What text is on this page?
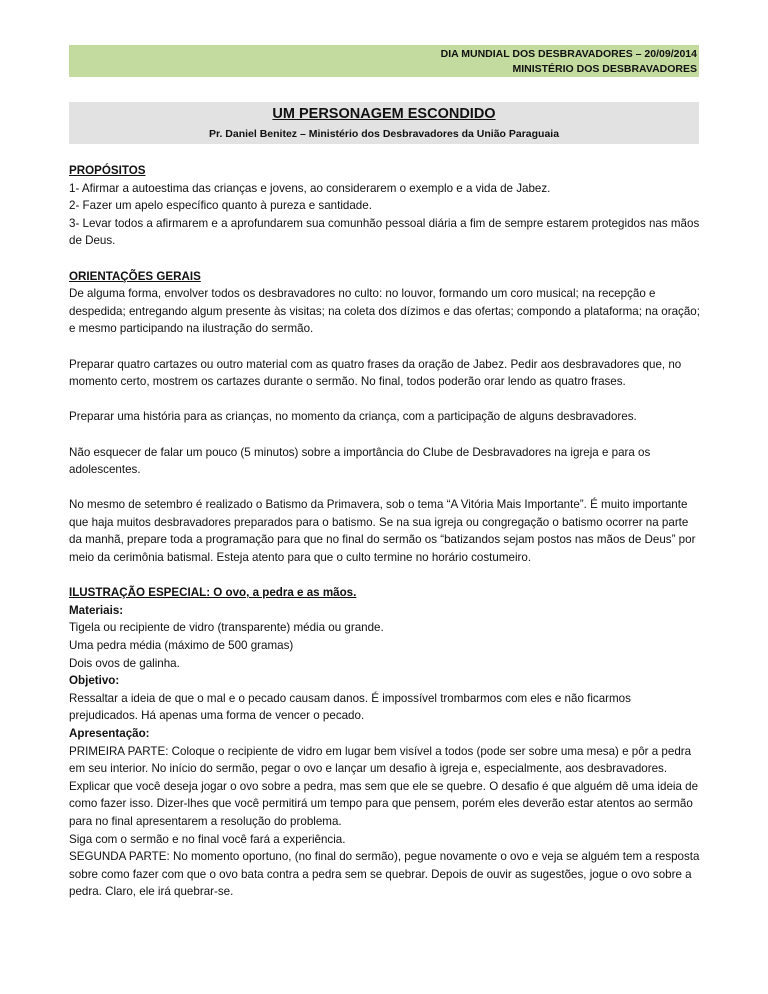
DIA MUNDIAL DOS DESBRAVADORES – 20/09/2014
MINISTÉRIO DOS DESBRAVADORES
UM PERSONAGEM ESCONDIDO
Pr. Daniel Benitez – Ministério dos Desbravadores da União Paraguaia

PROPÓSITOS

1- Afirmar a autoestima das crianças e jovens, ao considerarem o exemplo e a vida de Jabez.

2- Fazer um apelo específico quanto à pureza e santidade.

3- Levar todos a afirmarem e a aprofundarem sua comunhão pessoal diária a fim de sempre estarem protegidos nas mãos de Deus.

ORIENTAÇÕES GERAIS

De alguma forma, envolver todos os desbravadores no culto: no louvor, formando um coro musical; na recepção e despedida; entregando algum presente às visitas; na coleta dos dízimos e das ofertas; compondo a plataforma; na oração; e mesmo participando na ilustração do sermão.

Preparar quatro cartazes ou outro material com as quatro frases da oração de Jabez. Pedir aos desbravadores que, no momento certo, mostrem os cartazes durante o sermão. No final, todos poderão orar lendo as quatro frases.

Preparar uma história para as crianças, no momento da criança, com a participação de alguns desbravadores.

Não esquecer de falar um pouco (5 minutos) sobre a importância do Clube de Desbravadores na igreja e para os adolescentes.

No mesmo de setembro é realizado o Batismo da Primavera, sob o tema “A Vitória Mais Importante”. É muito importante que haja muitos desbravadores preparados para o batismo. Se na sua igreja ou congregação o batismo ocorrer na parte da manhã, prepare toda a programação para que no final do sermão os “batizandos sejam postos nas mãos de Deus” por meio da cerimônia batismal. Esteja atento para que o culto termine no horário costumeiro.

ILUSTRAÇÃO ESPECIAL: O ovo, a pedra e as mãos.

Materiais:

Tigela ou recipiente de vidro (transparente) média ou grande.

Uma pedra média (máximo de 500 gramas)

Dois ovos de galinha.

Objetivo:

Ressaltar a ideia de que o mal e o pecado causam danos. É impossível trombarmos com eles e não ficarmos prejudicados. Há apenas uma forma de vencer o pecado.

Apresentação:

PRIMEIRA PARTE: Coloque o recipiente de vidro em lugar bem visível a todos (pode ser sobre uma mesa) e pôr a pedra em seu interior. No início do sermão, pegar o ovo e lançar um desafio à igreja e, especialmente, aos desbravadores. Explicar que você deseja jogar o ovo sobre a pedra, mas sem que ele se quebre. O desafio é que alguém dê uma ideia de como fazer isso. Dizer-lhes que você permitirá um tempo para que pensem, porém eles deverão estar atentos ao sermão para no final apresentarem a resolução do problema.

Siga com o sermão e no final você fará a experiência.

SEGUNDA PARTE: No momento oportuno, (no final do sermão), pegue novamente o ovo e veja se alguém tem a resposta sobre como fazer com que o ovo bata contra a pedra sem se quebrar. Depois de ouvir as sugestões, jogue o ovo sobre a pedra. Claro, ele irá quebrar-se.
